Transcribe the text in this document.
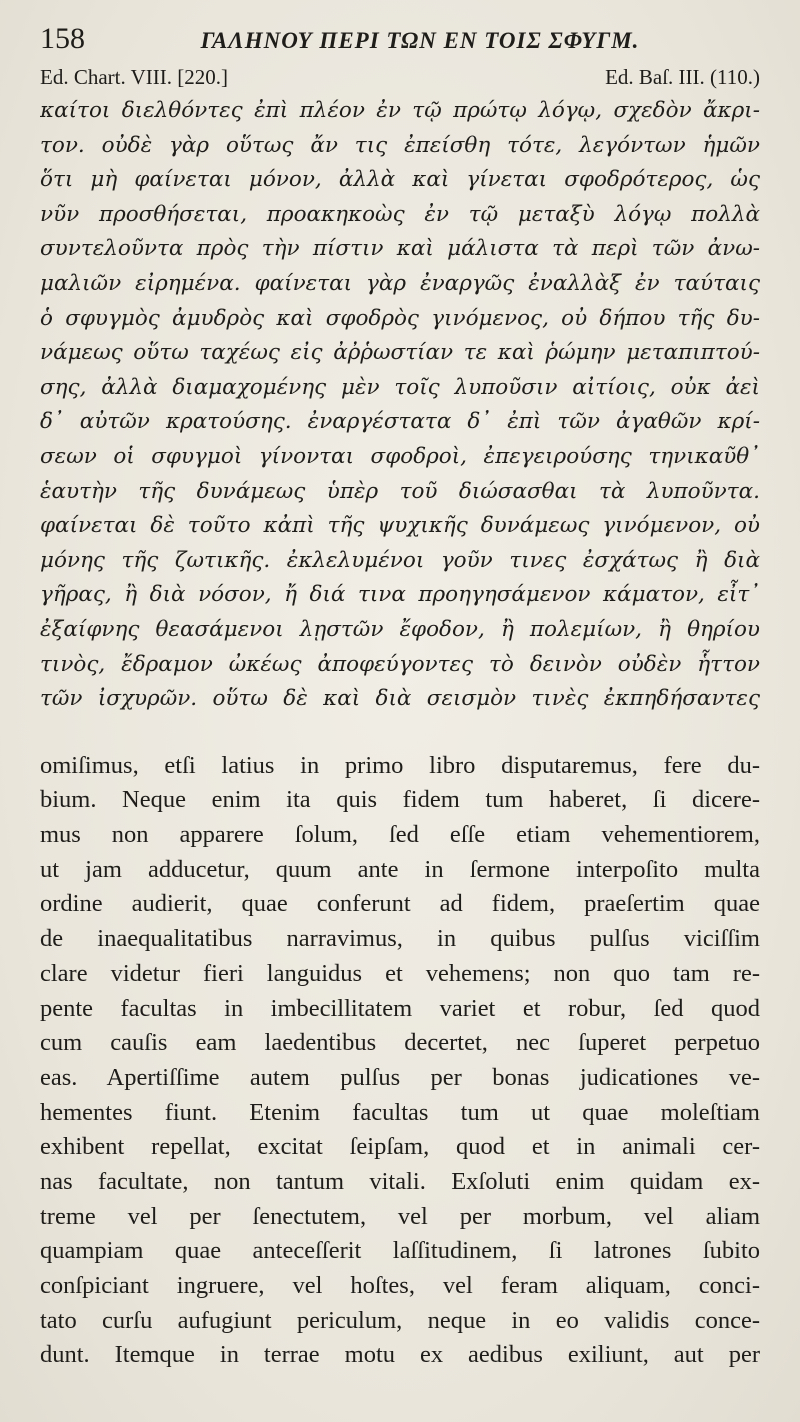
158	ΓΑΛΗΝΟΥ ΠΕΡΙ ΤΩΝ ΕΝ ΤΟΙΣ ΣΦΥΓΜ.
Ed. Chart. VIII. [220.]	Ed. Baſ. III. (110.)
καίτοι διελθόντες ἐπὶ πλέον ἐν τῷ πρώτῳ λόγῳ, σχεδὸν ἄκρι-
τον. οὐδὲ γὰρ οὕτως ἄν τις ἐπείσθη τότε, λεγόντων ἡμῶν
ὅτι μὴ φαίνεται μόνον, ἀλλὰ καὶ γίνεται σφοδρότερος, ὡς
νῦν προσθήσεται, προακηκοὼς ἐν τῷ μεταξὺ λόγῳ πολλὰ
συντελοῦντα πρὸς τὴν πίστιν καὶ μάλιστα τὰ περὶ τῶν ἀνω-
μαλιῶν εἰρημένα. φαίνεται γὰρ ἐναργῶς ἐναλλὰξ ἐν ταύταις
ὁ σφυγμὸς ἀμυδρὸς καὶ σφοδρὸς γινόμενος, οὐ δήπου τῆς δυ-
νάμεως οὕτω ταχέως εἰς ἀῤῥωστίαν τε καὶ ῥώμην μεταπιπτού-
σης, ἀλλὰ διαμαχομένης μὲν τοῖς λυποῦσιν αἰτίοις, οὐκ ἀεὶ
δ᾽ αὐτῶν κρατούσης. ἐναργέστατα δ᾽ ἐπὶ τῶν ἀγαθῶν κρί-
σεων οἱ σφυγμοὶ γίνονται σφοδροὶ, ἐπεγειρούσης τηνικαῦθ᾽
ἑαυτὴν τῆς δυνάμεως ὑπὲρ τοῦ διώσασθαι τὰ λυποῦντα.
φαίνεται δὲ τοῦτο κἀπὶ τῆς ψυχικῆς δυνάμεως γινόμενον, οὐ
μόνης τῆς ζωτικῆς. ἐκλελυμένοι γοῦν τινες ἐσχάτως ἢ διὰ
γῆρας, ἢ διὰ νόσον, ἤ διά τινα προηγησάμενον κάματον, εἶτ᾽
ἐξαίφνης θεασάμενοι λῃστῶν ἔφοδον, ἢ πολεμίων, ἢ θηρίου
τινὸς, ἔδραμον ὠκέως ἀποφεύγοντες τὸ δεινὸν οὐδὲν ἧττον
τῶν ἰσχυρῶν. οὕτω δὲ καὶ διὰ σεισμὸν τινὲς ἐκπηδήσαντες
omiſimus, etſi latius in primo libro disputaremus, fere du-
bium. Neque enim ita quis fidem tum haberet, ſi dicere-
mus non apparere ſolum, ſed eſſe etiam vehementiorem,
ut jam adducetur, quum ante in ſermone interpoſito multa
ordine audierit, quae conferunt ad fidem, praeſertim quae
de inaequalitatibus narravimus, in quibus pulſus viciſſim
clare videtur fieri languidus et vehemens; non quo tam re-
pente facultas in imbecillitatem variet et robur, ſed quod
cum cauſis eam laedentibus decertet, nec ſuperet perpetuo
eas. Apertiſſime autem pulſus per bonas judicationes ve-
hementes fiunt. Etenim facultas tum ut quae moleſtiam
exhibent repellat, excitat ſeipſam, quod et in animali cer-
nas facultate, non tantum vitali. Exſoluti enim quidam ex-
treme vel per ſenectutem, vel per morbum, vel aliam
quampiam quae anteceſſerit laſſitudinem, ſi latrones ſubito
conſpiciant ingruere, vel hoſtes, vel feram aliquam, conci-
tato curſu aufugiunt periculum, neque in eo validis conce-
dunt. Itemque in terrae motu ex aedibus exiliunt, aut per
